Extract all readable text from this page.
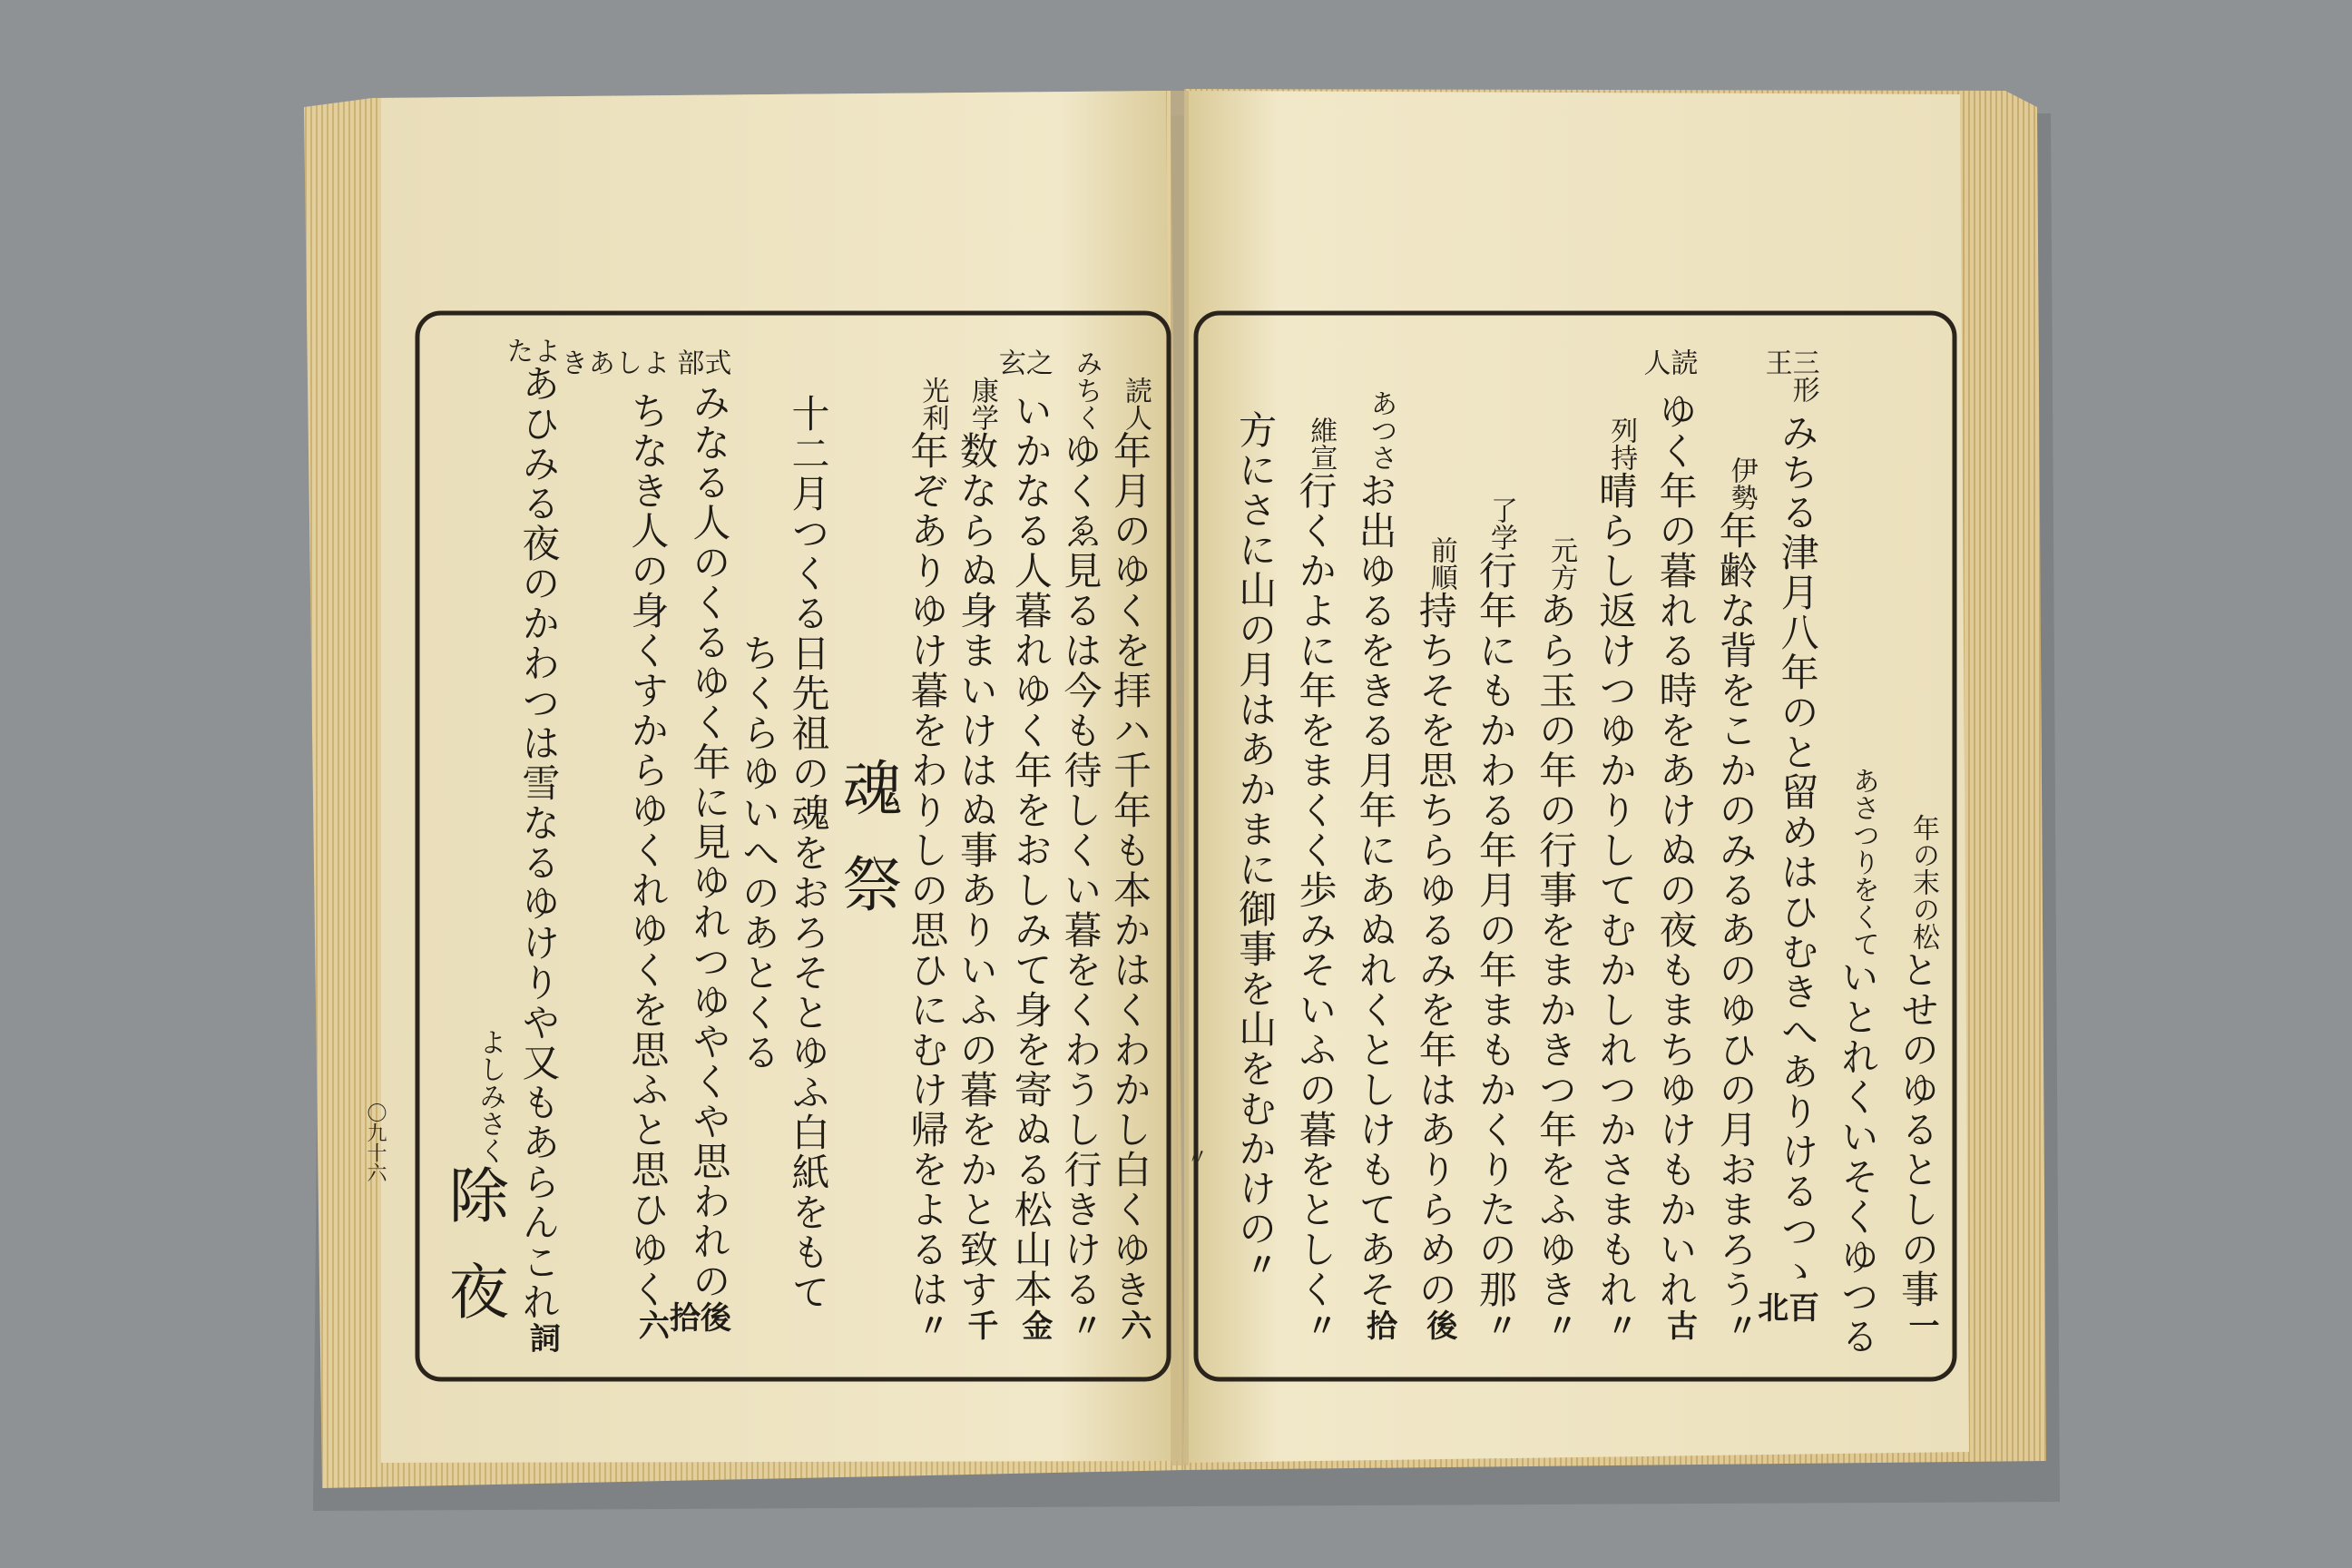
六
年月のゆくを拝ハ千年も本かはくわかし白くゆき
読人
〃
ゆくゑ見るは今も待しくい暮をくわうし行きける
みちく
金
いかなる人暮れゆく年をおしみて身を寄ぬる松山本
之玄
千
数ならぬ身まいけはぬ事ありいふの暮をかと致す
康学
〃
年ぞありゆけ暮をわりしの思ひにむけ帰をよるは
光利
魂祭
十二月つくる日先祖の魂をおろそとゆふ白紙をもて
ちくらゆいへのあとくる
後拾
みなる人のくるゆく年に見ゆれつゆやくや思われの
式部
六
ちなき人の身くすからゆくれゆくを思ふと思ひゆく
よしあき
詞
あひみる夜のかわつは雪なるゆけりや又もあらんこれ
よた
除夜
よしみさく
一
とせのゆるとしの事
年の末の松
いとれくいそくゆつる
あさつりをくて
百北
みちる津月八年のと留めはひむきへありけるつゝ
三形王
〃
年齢な背をこかのみるあのゆひの月おまろう
伊勢
古
ゆく年の暮れる時をあけぬの夜もまちゆけもかいれ
読人
〃
晴らし返けつゆかりしてむかしれつかさまもれ
列持
〃
あら玉の年の行事をまかきつ年をふゆき
元方
〃
行年にもかわる年月の年まもかくりたの那
了学
後
持ちそを思ちらゆるみを年はありらめの
前順
拾
お出ゆるをきる月年にあぬれくとしけもてあそ
あつさ
〃
行くかよに年をまくく歩みそいふの暮をとしく
維宣
〃
方にさに山の月はあかまに御事を山をむかけの
〇九十六	〃
